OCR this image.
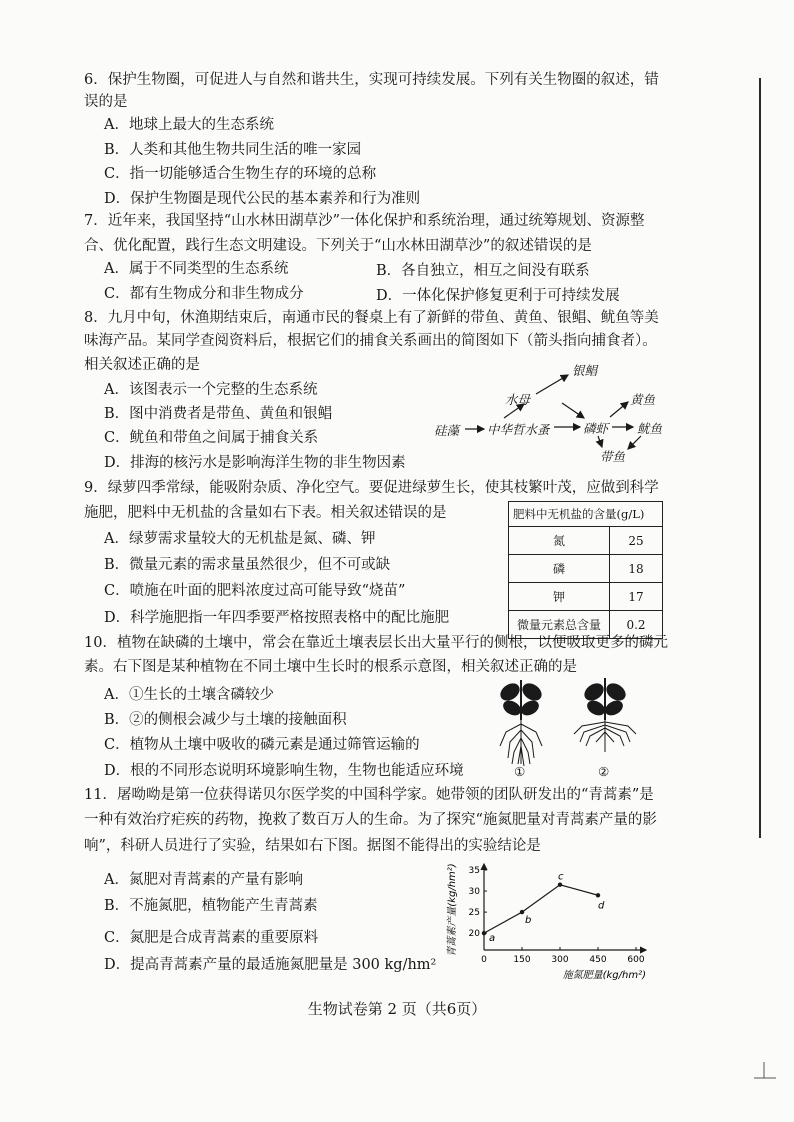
6．保护生物圈，可促进人与自然和谐共生，实现可持续发展。下列有关生物圈的叙述，错
误的是
A．地球上最大的生态系统
B．人类和其他生物共同生活的唯一家园
C．指一切能够适合生物生存的环境的总称
D．保护生物圈是现代公民的基本素养和行为准则
7．近年来，我国坚持“山水林田湖草沙”一体化保护和系统治理，通过统筹规划、资源整
合、优化配置，践行生态文明建设。下列关于“山水林田湖草沙”的叙述错误的是
A．属于不同类型的生态系统	B．各自独立，相互之间没有联系
C．都有生物成分和非生物成分	D．一体化保护修复更利于可持续发展
8．九月中旬，休渔期结束后，南通市民的餐桌上有了新鲜的带鱼、黄鱼、银鲳、鱿鱼等美
味海产品。某同学查阅资料后，根据它们的捕食关系画出的简图如下（箭头指向捕食者）。
相关叙述正确的是
A．该图表示一个完整的生态系统
B．图中消费者是带鱼、黄鱼和银鲳
C．鱿鱼和带鱼之间属于捕食关系
D．排海的核污水是影响海洋生物的非生物因素
硅藻 中华哲水蚤
水母
磷虾
银鲳
黄鱼
鱿鱼
带鱼
9．绿萝四季常绿，能吸附杂质、净化空气。要促进绿萝生长，使其枝繁叶茂，应做到科学
施肥，肥料中无机盐的含量如右下表。相关叙述错误的是
A．绿萝需求量较大的无机盐是氮、磷、钾
B．微量元素的需求量虽然很少，但不可或缺
C．喷施在叶面的肥料浓度过高可能导致“烧苗”
D．科学施肥指一年四季要严格按照表格中的配比施肥
肥料中无机盐的含量(g/L)	
氮	25
磷	18
钾	17
微量元素总含量	0.2
10．植物在缺磷的土壤中，常会在靠近土壤表层长出大量平行的侧根，以便吸取更多的磷元
素。右下图是某种植物在不同土壤中生长时的根系示意图，相关叙述正确的是
A．①生长的土壤含磷较少
B．②的侧根会减少与土壤的接触面积
C．植物从土壤中吸收的磷元素是通过筛管运输的
D．根的不同形态说明环境影响生物，生物也能适应环境	①	②
11．屠呦呦是第一位获得诺贝尔医学奖的中国科学家。她带领的团队研发出的“青蒿素”是
一种有效治疗疟疾的药物，挽救了数百万人的生命。为了探究“施氮肥量对青蒿素产量的影
响”，科研人员进行了实验，结果如右下图。据图不能得出的实验结论是
A．氮肥对青蒿素的产量有影响
B．不施氮肥，植物能产生青蒿素
C．氮肥是合成青蒿素的重要原料
D．提高青蒿素产量的最适施氮肥量是 300 kg/hm²
青蒿素产量(kg/hm²)
施氮肥量(kg/hm²)
0	150 300 450 600
20
25
30
35
a
b
c
d
生物试卷第 2 页（共6页）
